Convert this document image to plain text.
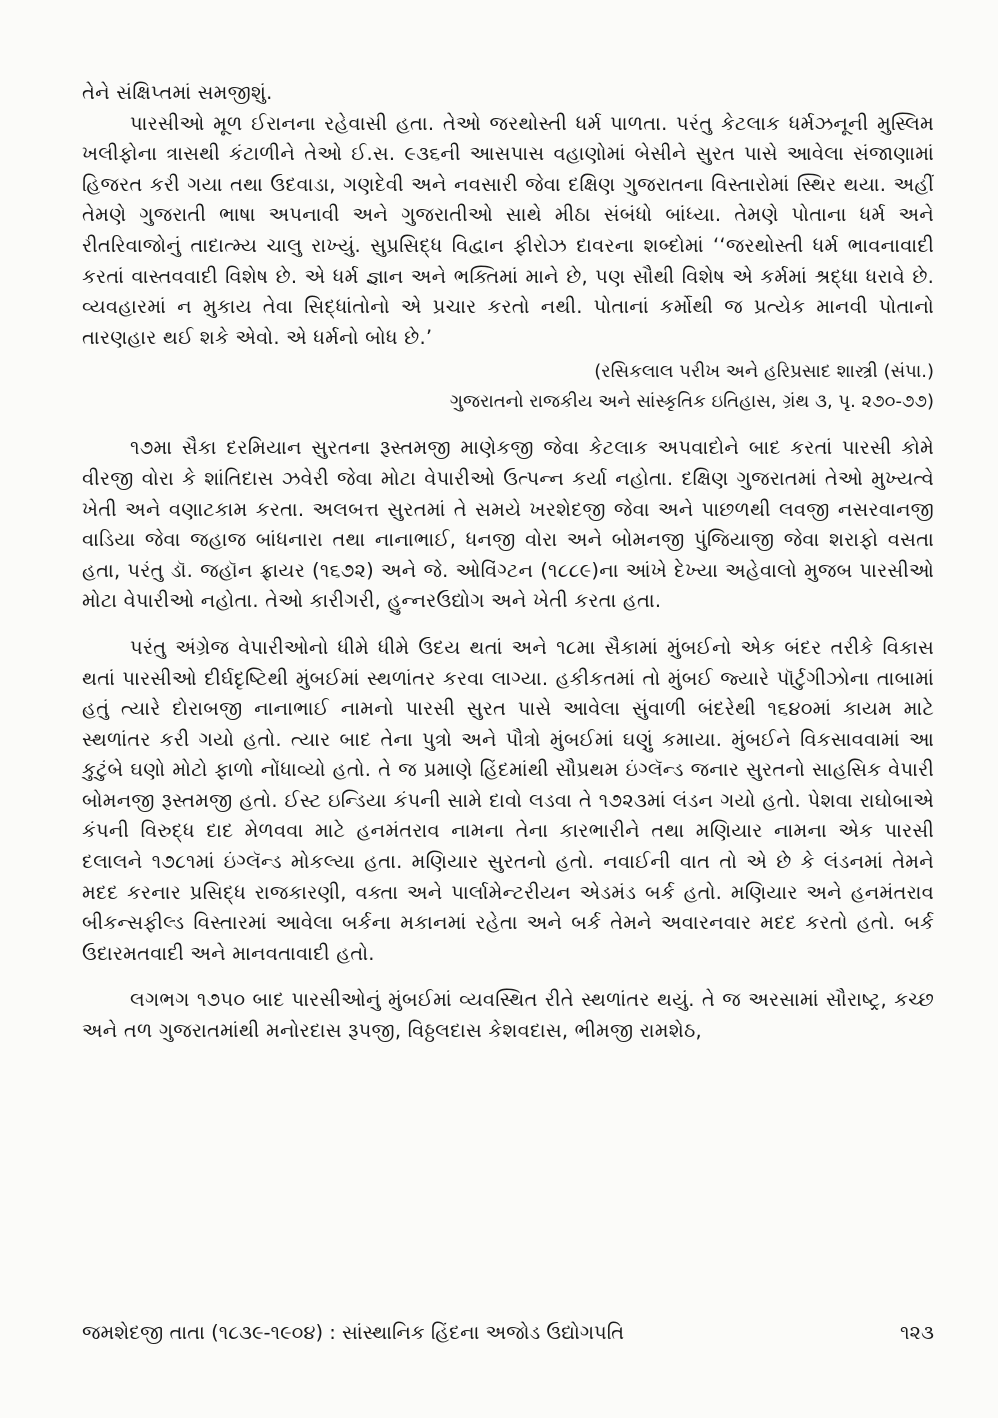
તેને સંક્ષિપ્તમાં સમજીશું.

પારસીઓ મૂળ ઈરાનના રહેવાસી હતા. તેઓ જરથોસ્તી ધર્મ પાળતા. પરંતુ કેટલાક ધર્મઝનૂની મુસ્લિમ ખલીફોના ત્રાસથી કંટાળીને તેઓ ઈ.સ. ૯૩૬ની આસપાસ વહાણોમાં બેસીને સુરત પાસે આવેલા સંજાણામાં હિજરત કરી ગયા તથા ઉદવાડા, ગણદેવી અને નવસારી જેવા દક્ષિણ ગુજરાતના વિસ્તારોમાં સ્થિર થયા. અહીં તેમણે ગુજરાતી ભાષા અપનાવી અને ગુજરાતીઓ સાથે મીઠા સંબંધો બાંધ્યા. તેમણે પોતાના ધર્મ અને રીતરિવાજોનું તાદાત્મ્ય ચાલુ રાખ્યું. સુપ્રસિદ્ધ વિદ્વાન ફીરોઝ દાવરના શબ્દોમાં ‘‘જરથોસ્તી ધર્મ ભાવનાવાદી કરતાં વાસ્તવવાદી વિશેષ છે. એ ધર્મ જ્ઞાન અને ભક્તિમાં માને છે, પણ સૌથી વિશેષ એ કર્મમાં શ્રદ્ધા ધરાવે છે. વ્યવહારમાં ન મુકાય તેવા સિદ્ધાંતોનો એ પ્રચાર કરતો નથી. પોતાનાં કર્મોથી જ પ્રત્યેક માનવી પોતાનો તારણહાર થઈ શકે એવો. એ ધર્મનો બોધ છે.’

(રસિકલાલ પરીખ અને હરિપ્રસાદ શાસ્ત્રી (સંપા.)
ગુજરાતનો રાજકીય અને સાંસ્કૃતિક ઇતિહાસ, ગ્રંથ ૩, પૃ. ૨૭૦-૭૭)

૧૭મા સૈકા દરમિયાન સુરતના રૂસ્તમજી માણેકજી જેવા કેટલાક અપવાદોને બાદ કરતાં પારસી કોમે વીરજી વોરા કે શાંતિદાસ ઝવેરી જેવા મોટા વેપારીઓ ઉત્પન્ન કર્યા નહોતા. દક્ષિણ ગુજરાતમાં તેઓ મુખ્યત્વે ખેતી અને વણાટકામ કરતા. અલબત્ત સુરતમાં તે સમયે ખરશેદજી જેવા અને પાછળથી લવજી નસરવાનજી વાડિયા જેવા જહાજ બાંધનારા તથા નાનાભાઈ, ધનજી વોરા અને બોમનજી પુંજિયાજી જેવા શરાફો વસતા હતા, પરંતુ ડૉ. જહૉન ફ્રાયર (૧૬૭૨) અને જે. ઓવિંગ્ટન (૧૮૮૯)ના આંખે દેખ્યા અહેવાલો મુજબ પારસીઓ મોટા વેપારીઓ નહોતા. તેઓ કારીગરી, હુન્નરઉદ્યોગ અને ખેતી કરતા હતા.

પરંતુ અંગ્રેજ વેપારીઓનો ધીમે ધીમે ઉદય થતાં અને ૧૮મા સૈકામાં મુંબઈનો એક બંદર તરીકે વિકાસ થતાં પારસીઓ દીર્ઘદૃષ્ટિથી મુંબઈમાં સ્થળાંતર કરવા લાગ્યા. હકીકતમાં તો મુંબઈ જ્યારે પૉર્ટુગીઝોના તાબામાં હતું ત્યારે દોરાબજી નાનાભાઈ નામનો પારસી સુરત પાસે આવેલા સુંવાળી બંદરેથી ૧૬૪૦માં કાયમ માટે સ્થળાંતર કરી ગયો હતો. ત્યાર બાદ તેના પુત્રો અને પૌત્રો મુંબઈમાં ઘણું કમાયા. મુંબઈને વિકસાવવામાં આ કુટુંબે ઘણો મોટો ફાળો નોંધાવ્યો હતો. તે જ પ્રમાણે હિંદમાંથી સૌપ્રથમ ઇંગ્લૅન્ડ જનાર સુરતનો સાહસિક વેપારી બોમનજી રૂસ્તમજી હતો. ઈસ્ટ ઇન્ડિયા કંપની સામે દાવો લડવા તે ૧૭૨૩માં લંડન ગયો હતો. પેશવા રાઘોબાએ કંપની વિરુદ્ધ દાદ મેળવવા માટે હનમંતરાવ નામના તેના કારભારીને તથા મણિયાર નામના એક પારસી દલાલને ૧૭૮૧માં ઇંગ્લૅન્ડ મોકલ્યા હતા. મણિયાર સુરતનો હતો. નવાઈની વાત તો એ છે કે લંડનમાં તેમને મદદ કરનાર પ્રસિદ્ધ રાજકારણી, વક્તા અને પાર્લામેન્ટરીયન એડમંડ બર્ક હતો. મણિયાર અને હનમંતરાવ બીકન્સફીલ્ડ વિસ્તારમાં આવેલા બર્કના મકાનમાં રહેતા અને બર્ક તેમને અવારનવાર મદદ કરતો હતો. બર્ક ઉદારમતવાદી અને માનવતાવાદી હતો.

લગભગ ૧૭૫૦ બાદ પારસીઓનું મુંબઈમાં વ્યવસ્થિત રીતે સ્થળાંતર થયું. તે જ અરસામાં સૌરાષ્ટ્ર, કચ્છ અને તળ ગુજરાતમાંથી મનોરદાસ રૂપજી, વિઠ્ઠલદાસ કેશવદાસ, ભીમજી રામશેઠ,

જમશેદજી તાતા (૧૮૩૯-૧૯૦૪) : સાંસ્થાનિક હિંદના અજોડ ઉદ્યોગપતિ	૧૨૩
